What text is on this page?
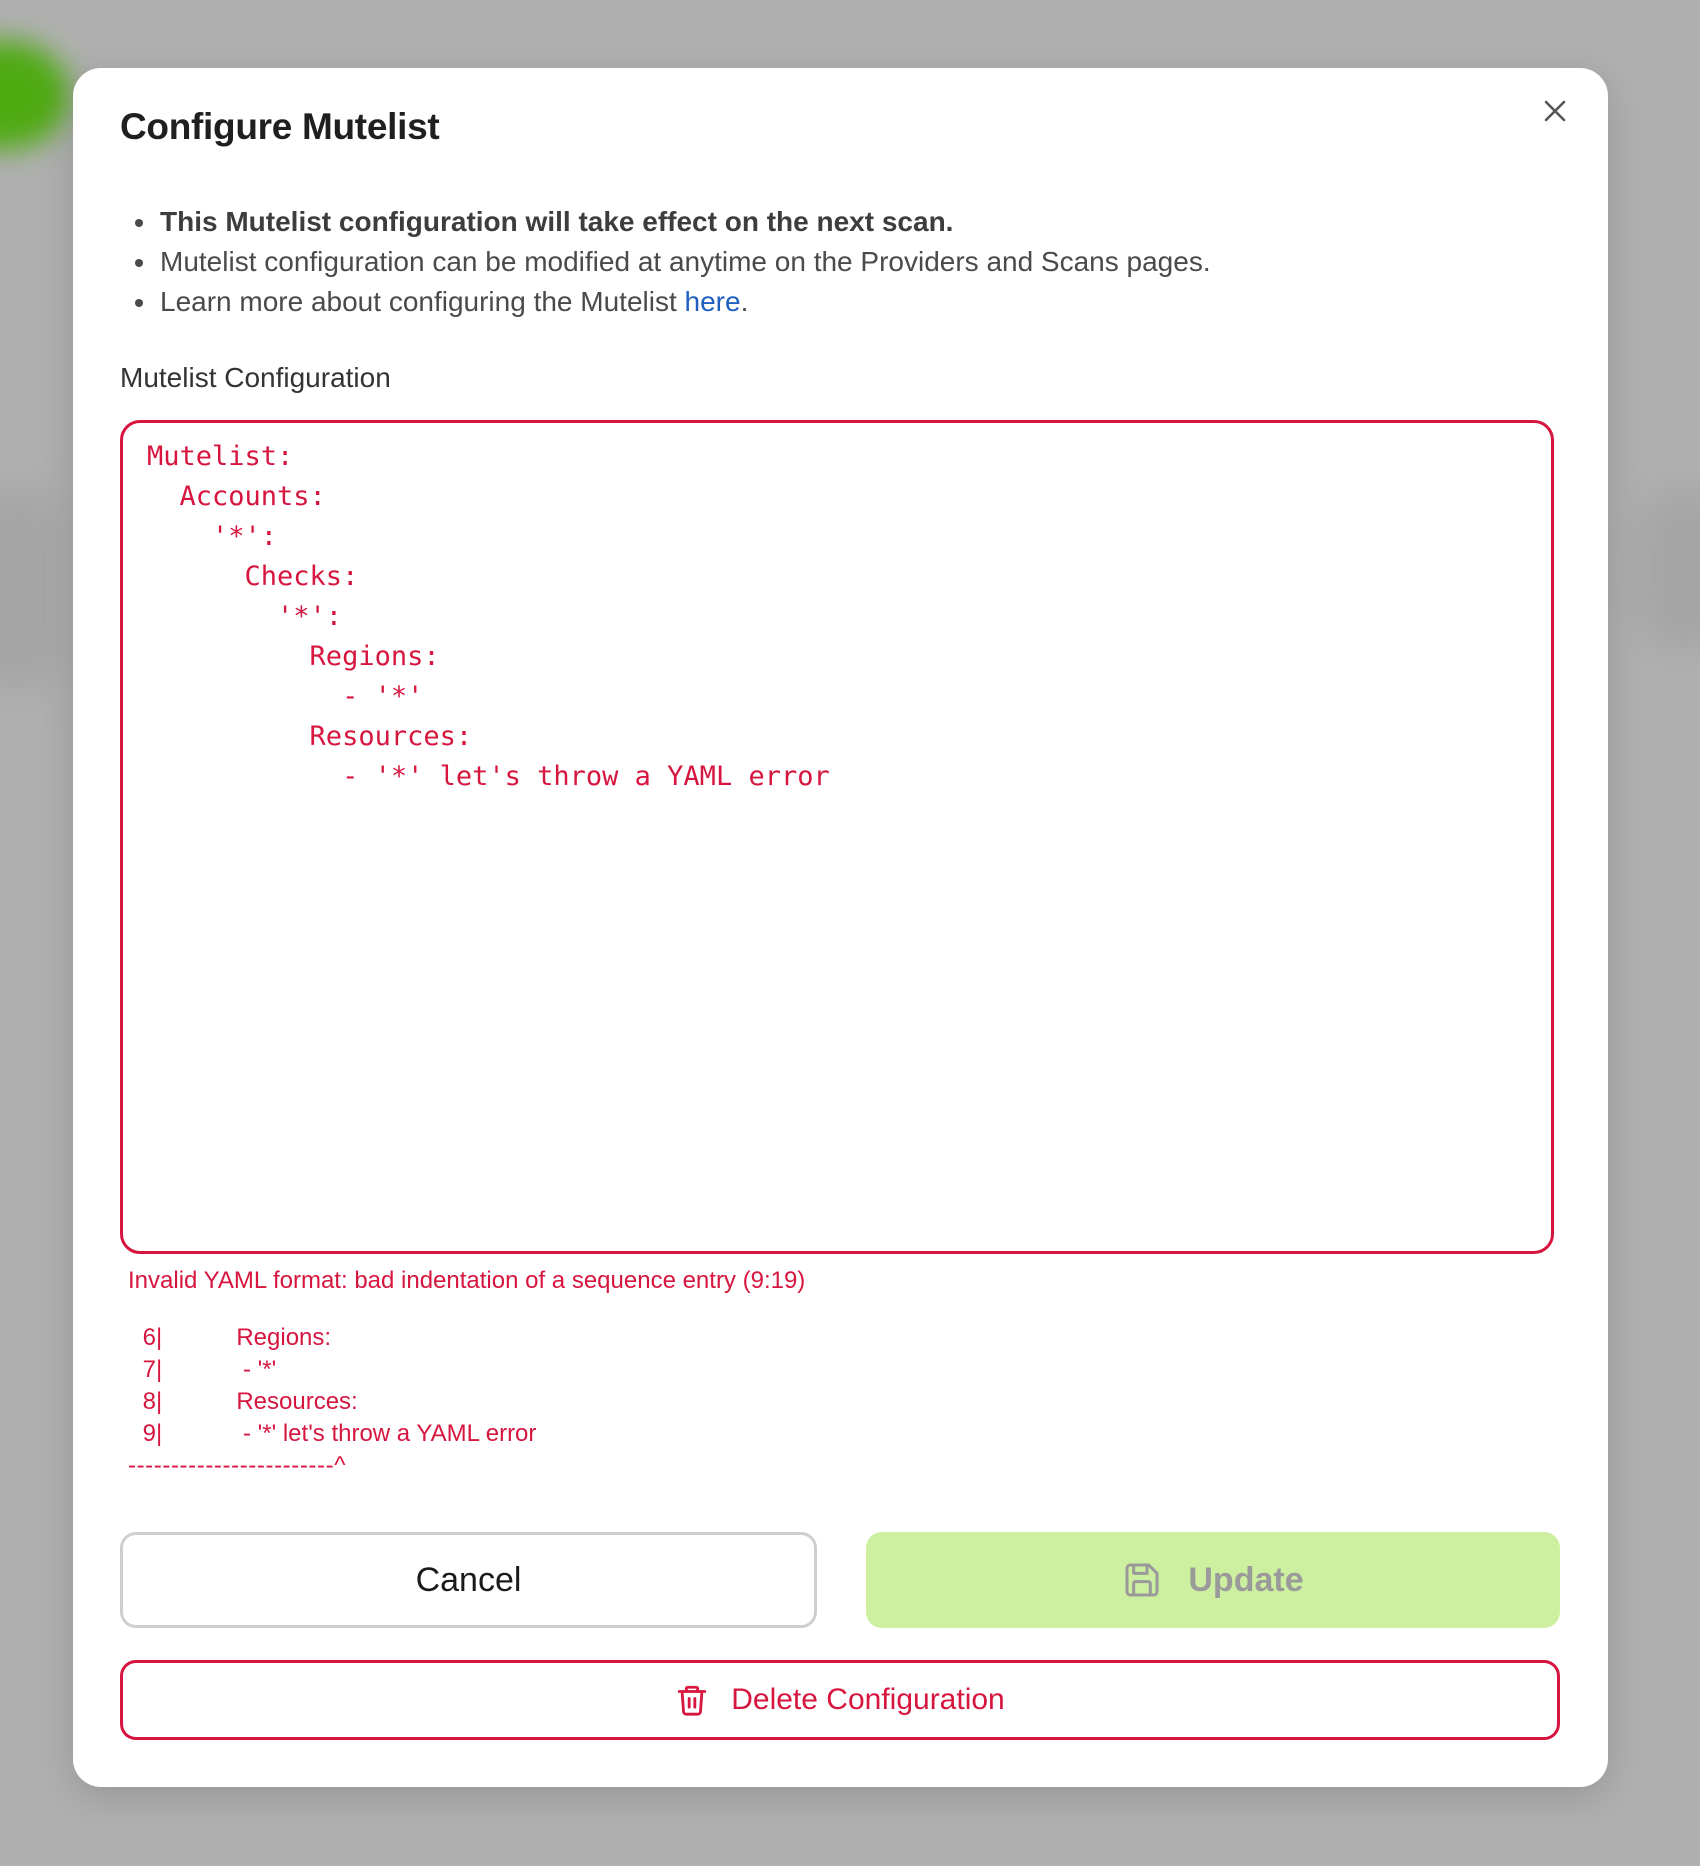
Configure Mutelist
This Mutelist configuration will take effect on the next scan.
Mutelist configuration can be modified at anytime on the Providers and Scans pages.
Learn more about configuring the Mutelist here.
Mutelist Configuration
Mutelist:
Accounts:
'*':
Checks:
'*':
Regions:
- '*'
Resources:
- '*' let's throw a YAML error
Invalid YAML format: bad indentation of a sequence entry (9:19)
6|	Regions:
7|	- '*'
8|	Resources:
9|	- '*' let's throw a YAML error
------------------------^
Cancel	Update
Delete Configuration
